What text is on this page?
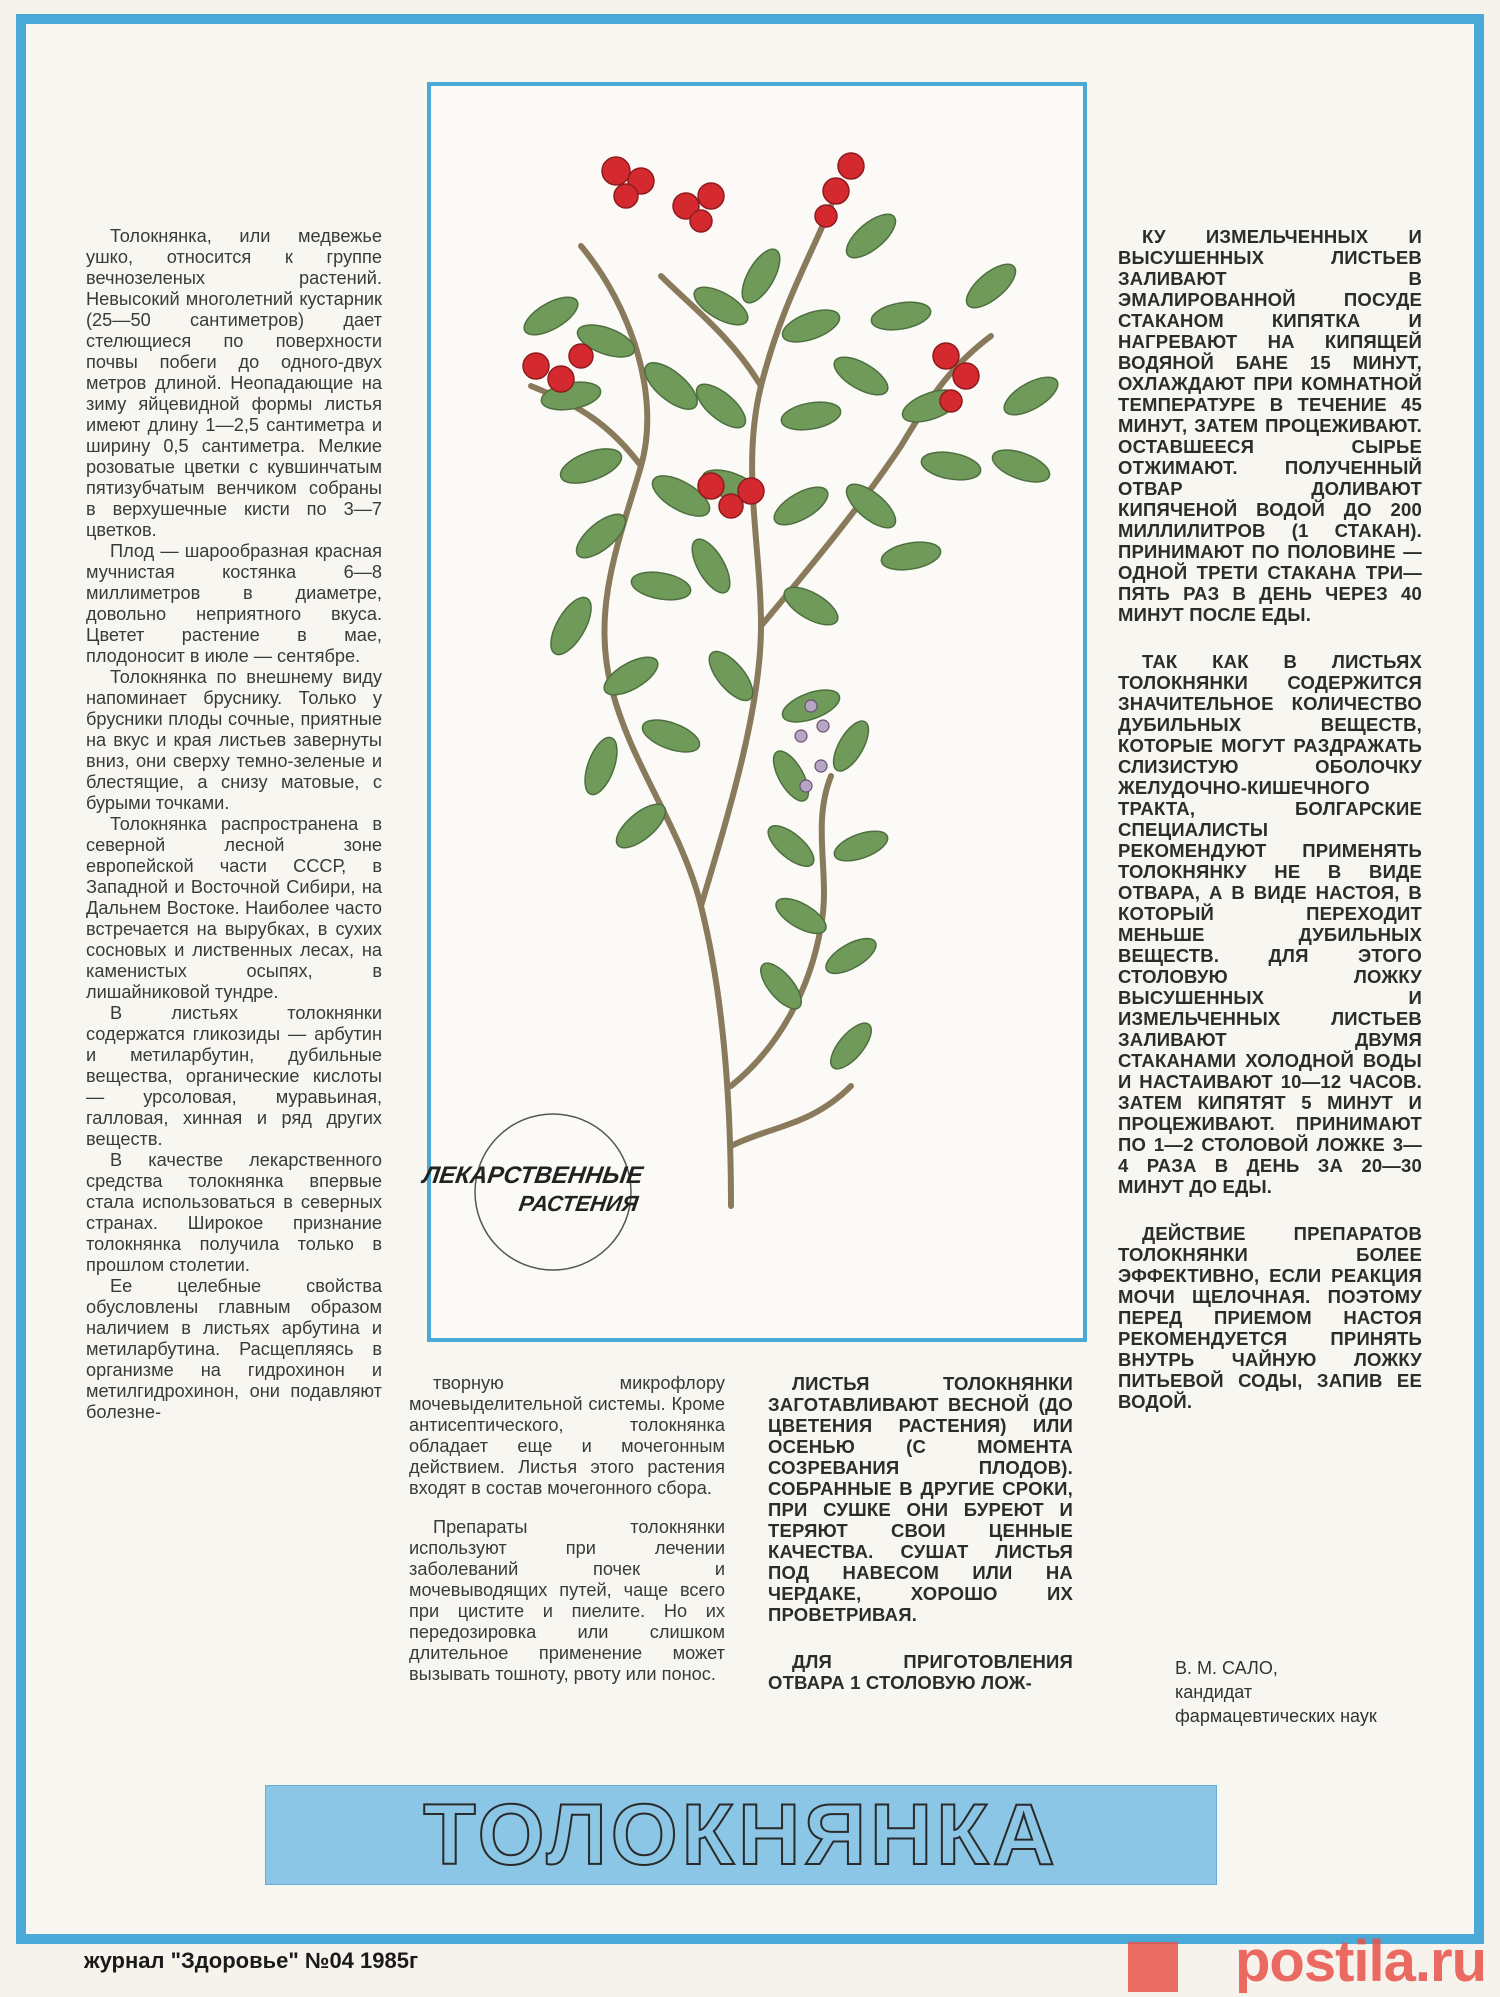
Толокнянка, или медвежье ушко, относится к группе вечнозеленых растений. Невысокий многолетний кустарник (25—50 сантиметров) дает стелющиеся по поверхности почвы побеги до одного-двух метров длиной. Неопадающие на зиму яйцевидной формы листья имеют длину 1—2,5 сантиметра и ширину 0,5 сантиметра. Мелкие розоватые цветки с кувшинчатым пятизубчатым венчиком собраны в верхушечные кисти по 3—7 цветков.

Плод — шарообразная красная мучнистая костянка 6—8 миллиметров в диаметре, довольно неприятного вкуса. Цветет растение в мае, плодоносит в июле — сентябре.

Толокнянка по внешнему виду напоминает бруснику. Только у брусники плоды сочные, приятные на вкус и края листьев завернуты вниз, они сверху темно-зеленые и блестящие, а снизу матовые, с бурыми точками.

Толокнянка распространена в северной лесной зоне европейской части СССР, в Западной и Восточной Сибири, на Дальнем Востоке. Наиболее часто встречается на вырубках, в сухих сосновых и лиственных лесах, на каменистых осыпях, в лишайниковой тундре.

В листьях толокнянки содержатся гликозиды — арбутин и метиларбутин, дубильные вещества, органические кислоты — урсоловая, муравьиная, галловая, хинная и ряд других веществ.

В качестве лекарственного средства толокнянка впервые стала использоваться в северных странах. Широкое признание толокнянка получила только в прошлом столетии.

Ее целебные свойства обусловлены главным образом наличием в листьях арбутина и метиларбутина. Расщепляясь в организме на гидрохинон и метилгидрохинон, они подавляют болезне-

ЛЕКАРСТВЕННЫЕ
РАСТЕНИЯ

творную микрофлору мочевыделительной системы. Кроме антисептического, толокнянка обладает еще и мочегонным действием. Листья этого растения входят в состав мочегонного сбора.

Препараты толокнянки используют при лечении заболеваний почек и мочевыводящих путей, чаще всего при цистите и пиелите. Но их передозировка или слишком длительное применение может вызывать тошноту, рвоту или понос.

ЛИСТЬЯ ТОЛОКНЯНКИ ЗАГОТАВЛИВАЮТ ВЕСНОЙ (ДО ЦВЕТЕНИЯ РАСТЕНИЯ) ИЛИ ОСЕНЬЮ (С МОМЕНТА СОЗРЕВАНИЯ ПЛОДОВ). СОБРАННЫЕ В ДРУГИЕ СРОКИ, ПРИ СУШКЕ ОНИ БУРЕЮТ И ТЕРЯЮТ СВОИ ЦЕННЫЕ КАЧЕСТВА. СУШАТ ЛИСТЬЯ ПОД НАВЕСОМ ИЛИ НА ЧЕРДАКЕ, ХОРОШО ИХ ПРОВЕТРИВАЯ.

ДЛЯ ПРИГОТОВЛЕНИЯ ОТВАРА 1 СТОЛОВУЮ ЛОЖ-

КУ ИЗМЕЛЬЧЕННЫХ И ВЫСУШЕННЫХ ЛИСТЬЕВ ЗАЛИВАЮТ В ЭМАЛИРОВАННОЙ ПОСУДЕ СТАКАНОМ КИПЯТКА И НАГРЕВАЮТ НА КИПЯЩЕЙ ВОДЯНОЙ БАНЕ 15 МИНУТ, ОХЛАЖДАЮТ ПРИ КОМНАТНОЙ ТЕМПЕРАТУРЕ В ТЕЧЕНИЕ 45 МИНУТ, ЗАТЕМ ПРОЦЕЖИВАЮТ. ОСТАВШЕЕСЯ СЫРЬЕ ОТЖИМАЮТ. ПОЛУЧЕННЫЙ ОТВАР ДОЛИВАЮТ КИПЯЧЕНОЙ ВОДОЙ ДО 200 МИЛЛИЛИТРОВ (1 СТАКАН). ПРИНИМАЮТ ПО ПОЛОВИНЕ — ОДНОЙ ТРЕТИ СТАКАНА ТРИ—ПЯТЬ РАЗ В ДЕНЬ ЧЕРЕЗ 40 МИНУТ ПОСЛЕ ЕДЫ.

ТАК КАК В ЛИСТЬЯХ ТОЛОКНЯНКИ СОДЕРЖИТСЯ ЗНАЧИТЕЛЬНОЕ КОЛИЧЕСТВО ДУБИЛЬНЫХ ВЕЩЕСТВ, КОТОРЫЕ МОГУТ РАЗДРАЖАТЬ СЛИЗИСТУЮ ОБОЛОЧКУ ЖЕЛУДОЧНО-КИШЕЧНОГО ТРАКТА, БОЛГАРСКИЕ СПЕЦИАЛИСТЫ РЕКОМЕНДУЮТ ПРИМЕНЯТЬ ТОЛОКНЯНКУ НЕ В ВИДЕ ОТВАРА, А В ВИДЕ НАСТОЯ, В КОТОРЫЙ ПЕРЕХОДИТ МЕНЬШЕ ДУБИЛЬНЫХ ВЕЩЕСТВ. ДЛЯ ЭТОГО СТОЛОВУЮ ЛОЖКУ ВЫСУШЕННЫХ И ИЗМЕЛЬЧЕННЫХ ЛИСТЬЕВ ЗАЛИВАЮТ ДВУМЯ СТАКАНАМИ ХОЛОДНОЙ ВОДЫ И НАСТАИВАЮТ 10—12 ЧАСОВ. ЗАТЕМ КИПЯТЯТ 5 МИНУТ И ПРОЦЕЖИВАЮТ. ПРИНИМАЮТ ПО 1—2 СТОЛОВОЙ ЛОЖКЕ 3—4 РАЗА В ДЕНЬ ЗА 20—30 МИНУТ ДО ЕДЫ.

ДЕЙСТВИЕ ПРЕПАРАТОВ ТОЛОКНЯНКИ БОЛЕЕ ЭФФЕКТИВНО, ЕСЛИ РЕАКЦИЯ МОЧИ ЩЕЛОЧНАЯ. ПОЭТОМУ ПЕРЕД ПРИЕМОМ НАСТОЯ РЕКОМЕНДУЕТСЯ ПРИНЯТЬ ВНУТРЬ ЧАЙНУЮ ЛОЖКУ ПИТЬЕВОЙ СОДЫ, ЗАПИВ ЕЕ ВОДОЙ.

В. М. САЛО,
кандидат
фармацевтических наук
ТОЛОКНЯНКА
журнал "Здоровье" №04 1985г	postila.ru
